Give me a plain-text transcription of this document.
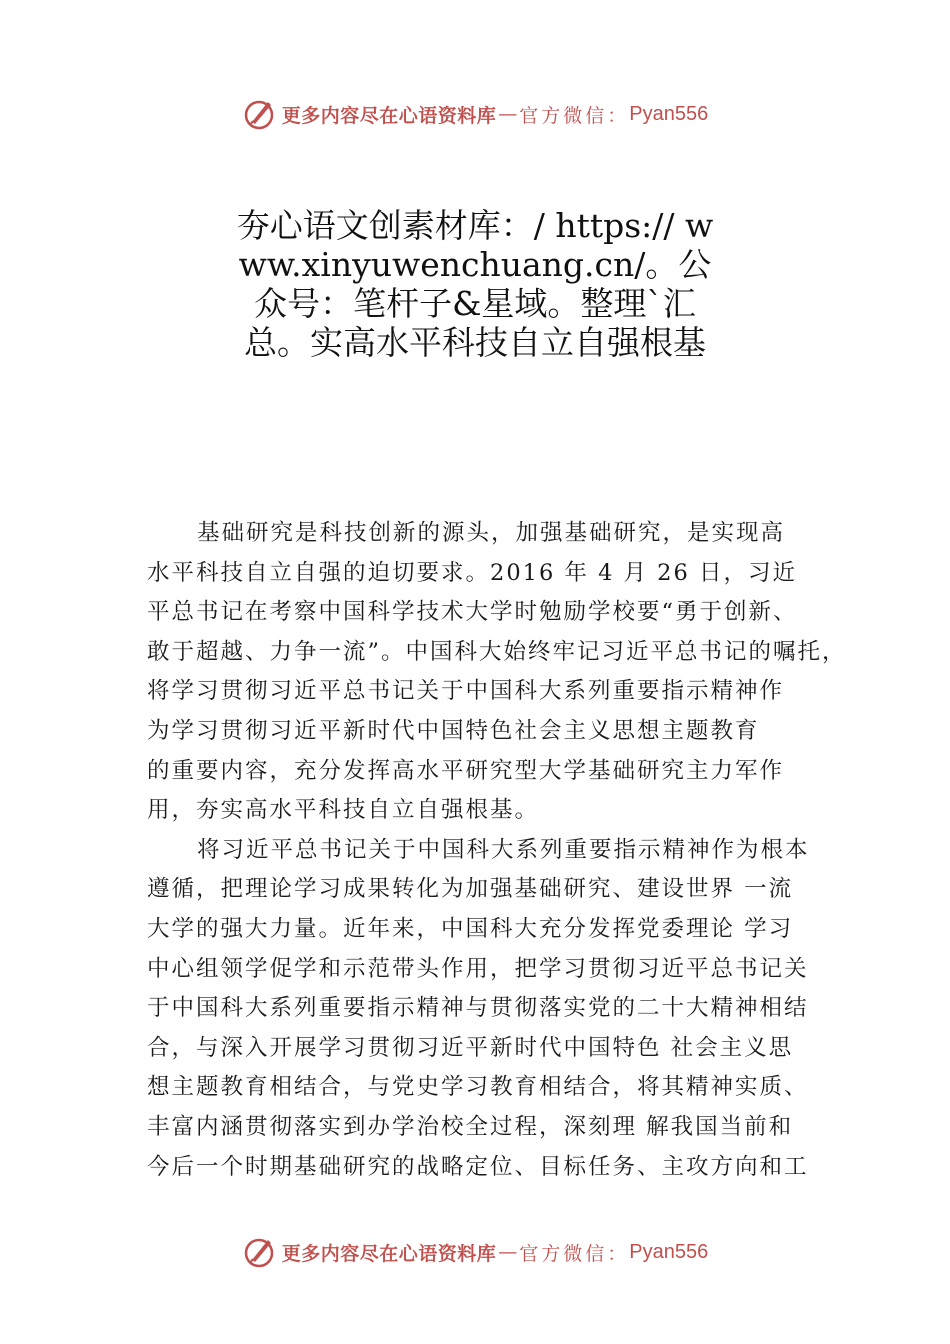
更多内容尽在心语资料库 — 官方微信： Pyan556
夯心语文创素材库：/ https:// www.xinyuwenchuang.cn/。公众号：笔杆子&星域。整理`汇总。实高水平科技自立自强根基
基础研究是科技创新的源头，加强基础研究，是实现高
水平科技自立自强的迫切要求。2016 年 4 月 26 日，习近
平总书记在考察中国科学技术大学时勉励学校要“勇于创新、
敢于超越、力争一流”。中国科大始终牢记习近平总书记的嘱托，
将学习贯彻习近平总书记关于中国科大系列重要指示精神作
为学习贯彻习近平新时代中国特色社会主义思想主题教育
的重要内容，充分发挥高水平研究型大学基础研究主力军作
用，夯实高水平科技自立自强根基。
将习近平总书记关于中国科大系列重要指示精神作为根本
遵循，把理论学习成果转化为加强基础研究、建设世界 一流
大学的强大力量。近年来，中国科大充分发挥党委理论 学习
中心组领学促学和示范带头作用，把学习贯彻习近平总书记关
于中国科大系列重要指示精神与贯彻落实党的二十大精神相结
合，与深入开展学习贯彻习近平新时代中国特色 社会主义思
想主题教育相结合，与党史学习教育相结合，将其精神实质、
丰富内涵贯彻落实到办学治校全过程，深刻理 解我国当前和
今后一个时期基础研究的战略定位、目标任务、主攻方向和工
更多内容尽在心语资料库 — 官方微信： Pyan556
